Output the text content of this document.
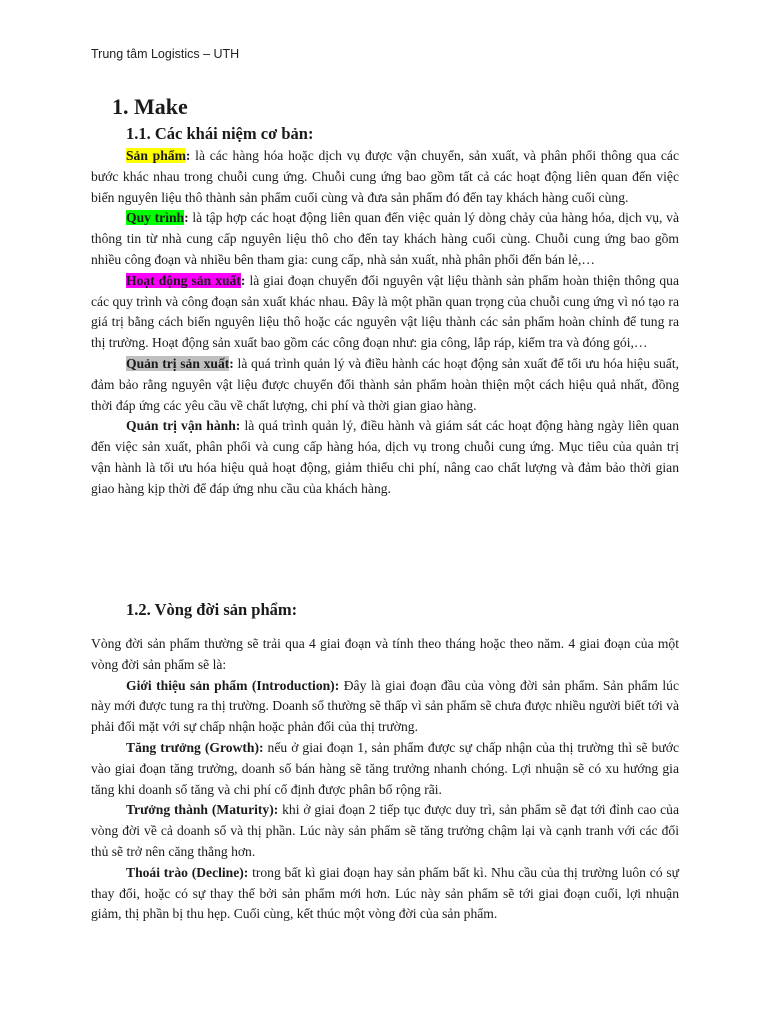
Trung tâm Logistics – UTH
1. Make
1.1. Các khái niệm cơ bản:

Sản phẩm: là các hàng hóa hoặc dịch vụ được vận chuyển, sản xuất, và phân phối thông qua các bước khác nhau trong chuỗi cung ứng. Chuỗi cung ứng bao gồm tất cả các hoạt động liên quan đến việc biến nguyên liệu thô thành sản phẩm cuối cùng và đưa sản phẩm đó đến tay khách hàng cuối cùng.

Quy trình: là tập hợp các hoạt động liên quan đến việc quản lý dòng chảy của hàng hóa, dịch vụ, và thông tin từ nhà cung cấp nguyên liệu thô cho đến tay khách hàng cuối cùng. Chuỗi cung ứng bao gồm nhiều công đoạn và nhiều bên tham gia: cung cấp, nhà sản xuất, nhà phân phối đến bán lẻ,…

Hoạt động sản xuất: là giai đoạn chuyển đổi nguyên vật liệu thành sản phẩm hoàn thiện thông qua các quy trình và công đoạn sản xuất khác nhau. Đây là một phần quan trọng của chuỗi cung ứng vì nó tạo ra giá trị bằng cách biến nguyên liệu thô hoặc các nguyên vật liệu thành các sản phẩm hoàn chỉnh để tung ra thị trường. Hoạt động sản xuất bao gồm các công đoạn như: gia công, lắp ráp, kiểm tra và đóng gói,…

Quản trị sản xuất: là quá trình quản lý và điều hành các hoạt động sản xuất để tối ưu hóa hiệu suất, đảm bảo rằng nguyên vật liệu được chuyển đổi thành sản phẩm hoàn thiện một cách hiệu quả nhất, đồng thời đáp ứng các yêu cầu về chất lượng, chi phí và thời gian giao hàng.

Quản trị vận hành: là quá trình quản lý, điều hành và giám sát các hoạt động hàng ngày liên quan đến việc sản xuất, phân phối và cung cấp hàng hóa, dịch vụ trong chuỗi cung ứng. Mục tiêu của quản trị vận hành là tối ưu hóa hiệu quả hoạt động, giảm thiểu chi phí, nâng cao chất lượng và đảm bảo thời gian giao hàng kịp thời để đáp ứng nhu cầu của khách hàng.

1.2. Vòng đời sản phẩm:

Vòng đời sản phẩm thường sẽ trải qua 4 giai đoạn và tính theo tháng hoặc theo năm. 4 giai đoạn của một vòng đời sản phẩm sẽ là:

Giới thiệu sản phẩm (Introduction): Đây là giai đoạn đầu của vòng đời sản phẩm. Sản phẩm lúc này mới được tung ra thị trường. Doanh số thường sẽ thấp vì sản phẩm sẽ chưa được nhiều người biết tới và phải đối mặt với sự chấp nhận hoặc phản đối của thị trường.

Tăng trưởng (Growth): nếu ở giai đoạn 1, sản phẩm được sự chấp nhận của thị trường thì sẽ bước vào giai đoạn tăng trưởng, doanh số bán hàng sẽ tăng trưởng nhanh chóng. Lợi nhuận sẽ có xu hướng gia tăng khi doanh số tăng và chi phí cố định được phân bổ rộng rãi.

Trưởng thành (Maturity): khi ở giai đoạn 2 tiếp tục được duy trì, sản phẩm sẽ đạt tới đỉnh cao của vòng đời về cả doanh số và thị phần. Lúc này sản phẩm sẽ tăng trưởng chậm lại và cạnh tranh với các đối thủ sẽ trở nên căng thẳng hơn.

Thoái trào (Decline): trong bất kì giai đoạn hay sản phẩm bất kì. Nhu cầu của thị trường luôn có sự thay đổi, hoặc có sự thay thế bởi sản phẩm mới hơn. Lúc này sản phẩm sẽ tới giai đoạn cuối, lợi nhuận giảm, thị phần bị thu hẹp. Cuối cùng, kết thúc một vòng đời của sản phẩm.
